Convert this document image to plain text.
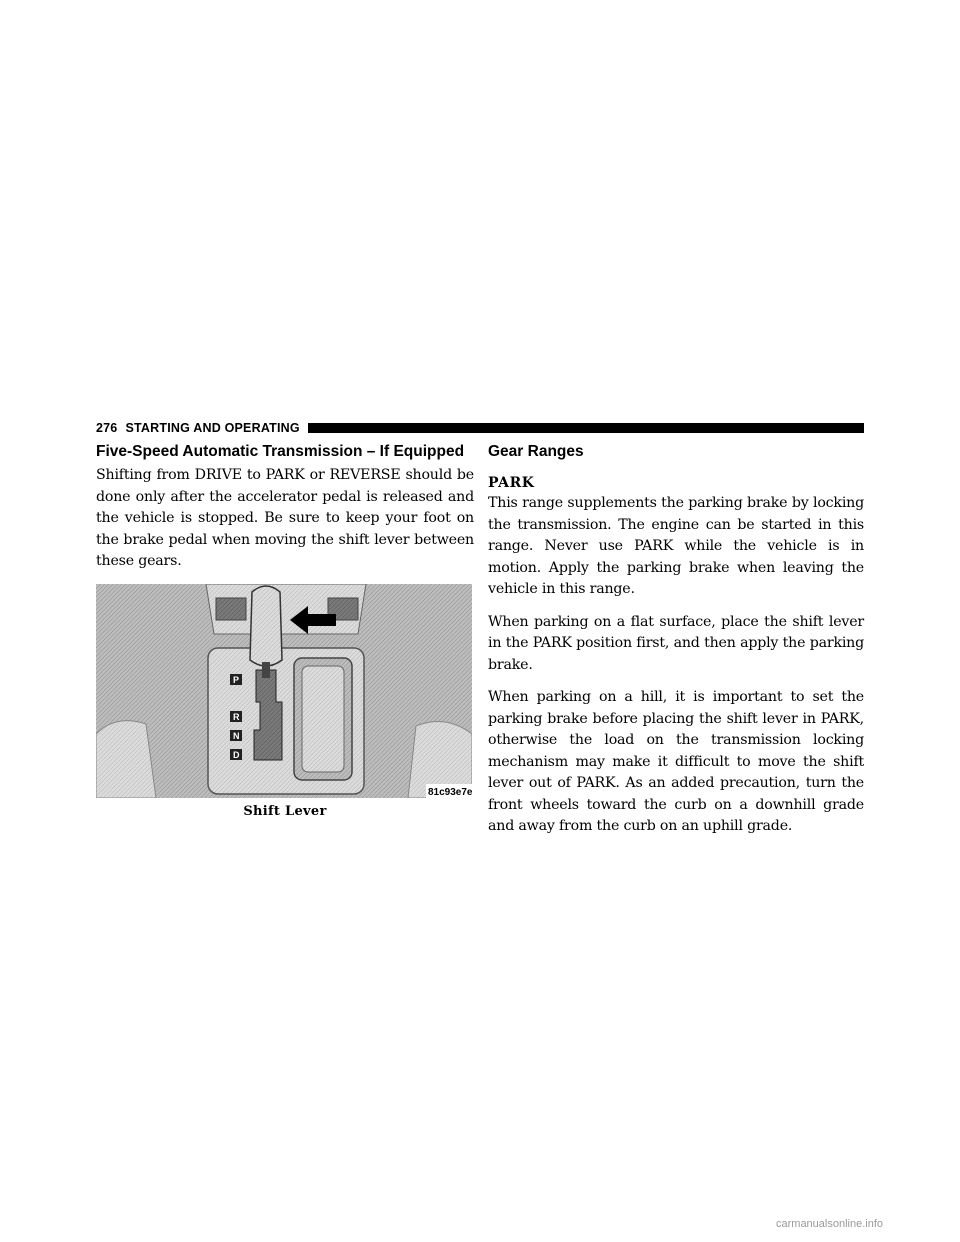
276 STARTING AND OPERATING
Five-Speed Automatic Transmission – If Equipped

Shifting from DRIVE to PARK or REVERSE should be done only after the accelerator pedal is released and the vehicle is stopped. Be sure to keep your foot on the brake pedal when moving the shift lever between these gears.

P
R
N
D
81c93e7e
Shift Lever
Gear Ranges
PARK

This range supplements the parking brake by locking the transmission. The engine can be started in this range. Never use PARK while the vehicle is in motion. Apply the parking brake when leaving the vehicle in this range.

When parking on a flat surface, place the shift lever in the PARK position first, and then apply the parking brake.

When parking on a hill, it is important to set the parking brake before placing the shift lever in PARK, otherwise the load on the transmission locking mechanism may make it difficult to move the shift lever out of PARK. As an added precaution, turn the front wheels toward the curb on a downhill grade and away from the curb on an uphill grade.

carmanualsonline.info
